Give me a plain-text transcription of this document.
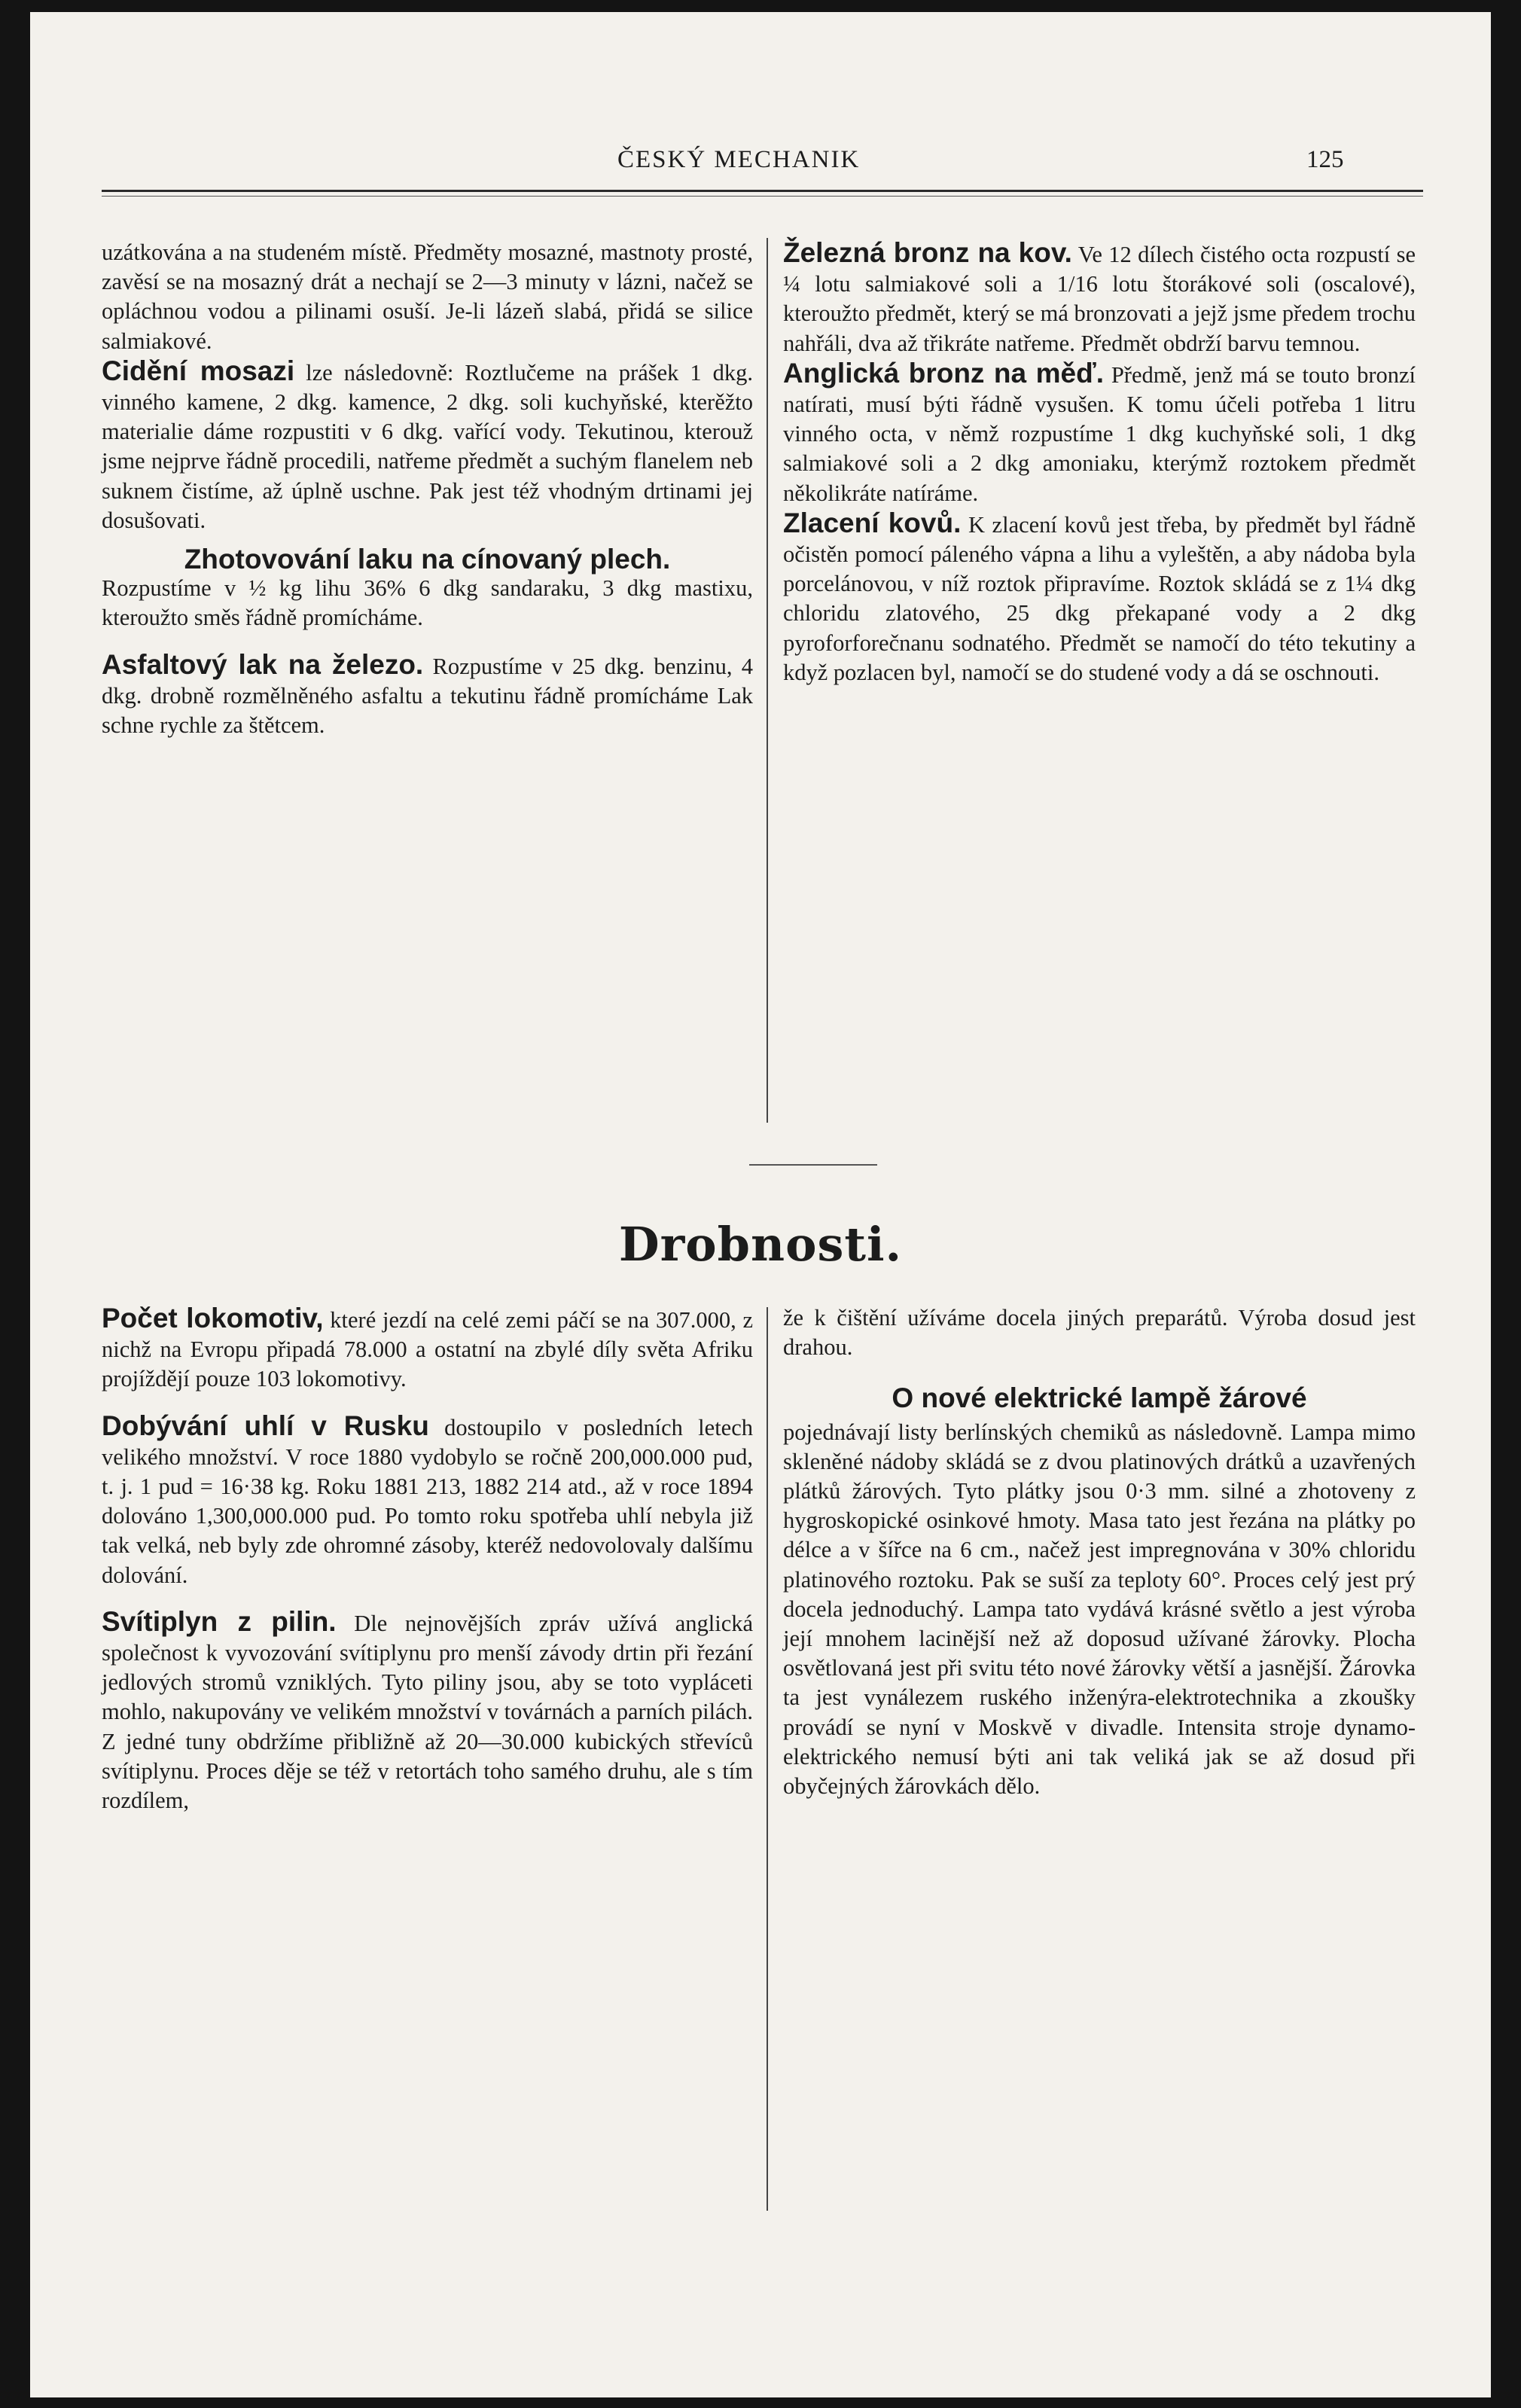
ČESKÝ MECHANIK	125

uzátkována a na studeném místě. Předměty mosazné, mastnoty prosté, zavěsí se na mosazný drát a nechají se 2—3 minuty v lázni, načež se opláchnou vodou a pilinami osuší. Je-li lázeň slabá, přidá se silice salmiakové.

Cidění mosazi lze následovně: Roztlučeme na prášek 1 dkg. vinného kamene, 2 dkg. kamence, 2 dkg. soli kuchyňské, kterěžto materialie dáme rozpustiti v 6 dkg. vařící vody. Tekutinou, kterouž jsme nejprve řádně procedili, natřeme předmět a suchým flanelem neb suknem čistíme, až úplně uschne. Pak jest též vhodným drtinami jej dosušovati.

Zhotovování laku na cínovaný plech.
Rozpustíme v ½ kg lihu 36% 6 dkg sandaraku, 3 dkg mastixu, kteroužto směs řádně promícháme.

Asfaltový lak na železo. Rozpustíme v 25 dkg. benzinu, 4 dkg. drobně rozmělněného asfaltu a tekutinu řádně promícháme Lak schne rychle za štětcem.

Železná bronz na kov. Ve 12 dílech čistého octa rozpustí se ¼ lotu salmiakové soli a 1/16 lotu štorákové soli (oscalové), kteroužto předmět, který se má bronzovati a jejž jsme předem trochu nahřáli, dva až třikráte natřeme. Předmět obdrží barvu temnou.

Anglická bronz na měď. Předmě, jenž má se touto bronzí natírati, musí býti řádně vysušen. K tomu účeli potřeba 1 litru vinného octa, v němž rozpustíme 1 dkg kuchyňské soli, 1 dkg salmiakové soli a 2 dkg amoniaku, kterýmž roztokem předmět několikráte natíráme.

Zlacení kovů. K zlacení kovů jest třeba, by předmět byl řádně očistěn pomocí páleného vápna a lihu a vyleštěn, a aby nádoba byla porcelánovou, v níž roztok připravíme. Roztok skládá se z 1¼ dkg chloridu zlatového, 25 dkg překapané vody a 2 dkg pyroforforečnanu sodnatého. Předmět se namočí do této tekutiny a když pozlacen byl, namočí se do studené vody a dá se oschnouti.

Drobnosti.

Počet lokomotiv, které jezdí na celé zemi páčí se na 307.000, z nichž na Evropu připadá 78.000 a ostatní na zbylé díly světa Afriku projíždějí pouze 103 lokomotivy.

Dobývání uhlí v Rusku dostoupilo v posledních letech velikého množství. V roce 1880 vydobylo se ročně 200,000.000 pud, t. j. 1 pud = 16·38 kg. Roku 1881 213, 1882 214 atd., až v roce 1894 dolováno 1,300,000.000 pud. Po tomto roku spotřeba uhlí nebyla již tak velká, neb byly zde ohromné zásoby, kteréž nedovolovaly dalšímu dolování.

Svítiplyn z pilin. Dle nejnovějších zpráv užívá anglická společnost k vyvozování svítiplynu pro menší závody drtin při řezání jedlových stromů vzniklých. Tyto piliny jsou, aby se toto vypláceti mohlo, nakupovány ve velikém množství v továrnách a parních pilách. Z jedné tuny obdržíme přibližně až 20—30.000 kubických střevíců svítiplynu. Proces děje se též v retortách toho samého druhu, ale s tím rozdílem,

že k čištění užíváme docela jiných preparátů. Výroba dosud jest drahou.

O nové elektrické lampě žárové
pojednávají listy berlínských chemiků as následovně. Lampa mimo skleněné nádoby skládá se z dvou platinových drátků a uzavřených plátků žárových. Tyto plátky jsou 0·3 mm. silné a zhotoveny z hygroskopické osinkové hmoty. Masa tato jest řezána na plátky po délce a v šířce na 6 cm., načež jest impregnována v 30% chloridu platinového roztoku. Pak se suší za teploty 60°. Proces celý jest prý docela jednoduchý. Lampa tato vydává krásné světlo a jest výroba její mnohem lacinější než až doposud užívané žárovky. Plocha osvětlovaná jest při svitu této nové žárovky větší a jasnější. Žárovka ta jest vynálezem ruského inženýra-elektrotechnika a zkoušky provádí se nyní v Moskvě v divadle. Intensita stroje dynamo-elektrického nemusí býti ani tak veliká jak se až dosud při obyčejných žárovkách dělo.
